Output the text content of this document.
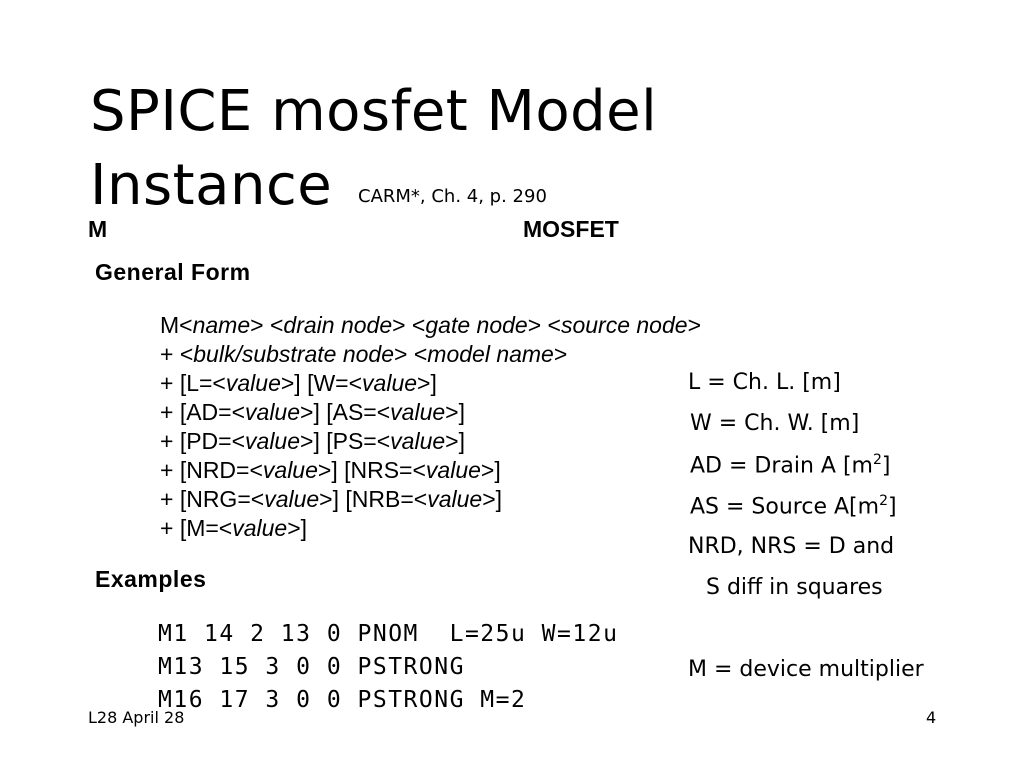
SPICE mosfet Model
Instance CARM*, Ch. 4, p. 290
M	MOSFET
General Form
M<name> <drain node> <gate node> <source node>
+ <bulk/substrate node> <model name>
+ [L=<value>] [W=<value>]
+ [AD=<value>] [AS=<value>]
+ [PD=<value>] [PS=<value>]
+ [NRD=<value>] [NRS=<value>]
+ [NRG=<value>] [NRB=<value>]
+ [M=<value>]
L = Ch. L. [m]
W = Ch. W. [m]
AD = Drain A $[m^2]$
AS = Source $A[m^2]$
NRD, NRS = D and
S diff in squares
M = device multiplier
Examples
M1 14 2 13 0 PNOM  L=25u W=12u
M13 15 3 0 0 PSTRONG
M16 17 3 0 0 PSTRONG M=2
L28 April 28	4
